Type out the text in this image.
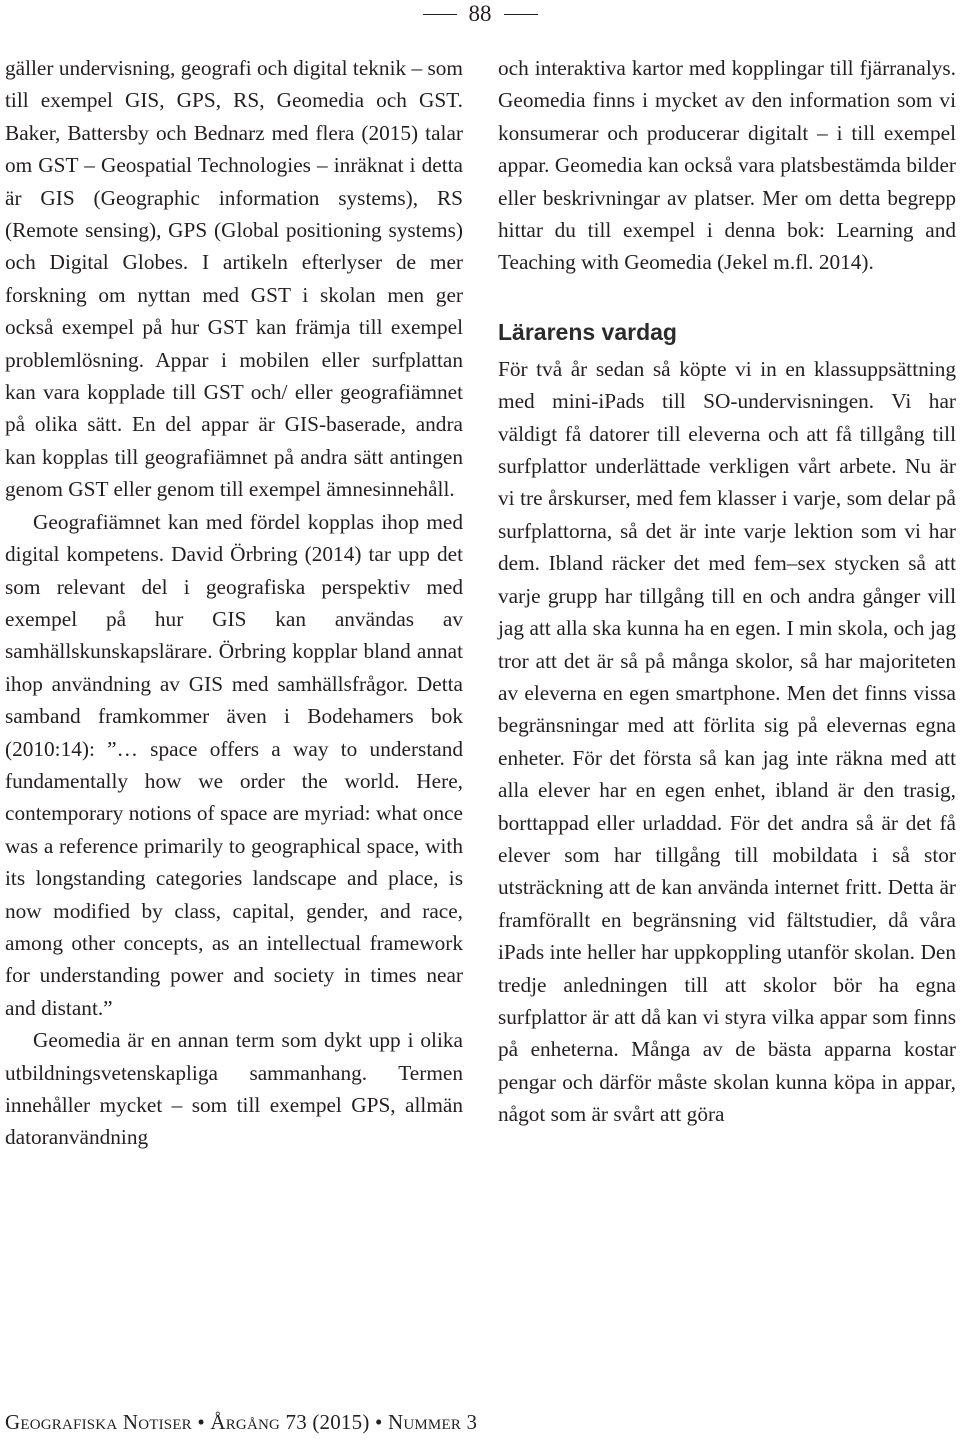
88

gäller undervisning, geografi och digital teknik – som till exempel GIS, GPS, RS, Geomedia och GST. Baker, Battersby och Bednarz med flera (2015) talar om GST – Geospatial Technologies – inräknat i detta är GIS (Geographic information systems), RS (Remote sensing), GPS (Global positioning systems) och Digital Globes. I artikeln efterlyser de mer forskning om nyttan med GST i skolan men ger också exempel på hur GST kan främja till exempel problemlösning. Appar i mobilen eller surfplattan kan vara kopplade till GST och/ eller geografiämnet på olika sätt. En del appar är GIS-baserade, andra kan kopplas till geografiämnet på andra sätt antingen genom GST eller genom till exempel ämnesinnehåll.

Geografiämnet kan med fördel kopplas ihop med digital kompetens. David Örbring (2014) tar upp det som relevant del i geografiska perspektiv med exempel på hur GIS kan användas av samhällskunskapslärare. Örbring kopplar bland annat ihop användning av GIS med samhällsfrågor. Detta samband framkommer även i Bodehamers bok (2010:14): ”… space offers a way to understand fundamentally how we order the world. Here, contemporary notions of space are myriad: what once was a reference primarily to geographical space, with its longstanding categories landscape and place, is now modified by class, capital, gender, and race, among other concepts, as an intellectual framework for understanding power and society in times near and distant.”

Geomedia är en annan term som dykt upp i olika utbildningsvetenskapliga sammanhang. Termen innehåller mycket – som till exempel GPS, allmän datoranvändning

och interaktiva kartor med kopplingar till fjärranalys. Geomedia finns i mycket av den information som vi konsumerar och producerar digitalt – i till exempel appar. Geomedia kan också vara platsbestämda bilder eller beskrivningar av platser. Mer om detta begrepp hittar du till exempel i denna bok: Learning and Teaching with Geomedia (Jekel m.fl. 2014).

Lärarens vardag

För två år sedan så köpte vi in en klassuppsättning med mini-iPads till SO-undervisningen. Vi har väldigt få datorer till eleverna och att få tillgång till surfplattor underlättade verkligen vårt arbete. Nu är vi tre årskurser, med fem klasser i varje, som delar på surfplattorna, så det är inte varje lektion som vi har dem. Ibland räcker det med fem–sex stycken så att varje grupp har tillgång till en och andra gånger vill jag att alla ska kunna ha en egen. I min skola, och jag tror att det är så på många skolor, så har majoriteten av eleverna en egen smartphone. Men det finns vissa begränsningar med att förlita sig på elevernas egna enheter. För det första så kan jag inte räkna med att alla elever har en egen enhet, ibland är den trasig, borttappad eller urladdad. För det andra så är det få elever som har tillgång till mobildata i så stor utsträckning att de kan använda internet fritt. Detta är framförallt en begränsning vid fältstudier, då våra iPads inte heller har uppkoppling utanför skolan. Den tredje anledningen till att skolor bör ha egna surfplattor är att då kan vi styra vilka appar som finns på enheterna. Många av de bästa apparna kostar pengar och därför måste skolan kunna köpa in appar, något som är svårt att göra

Geografiska Notiser • Årgång 73 (2015) • Nummer 3
